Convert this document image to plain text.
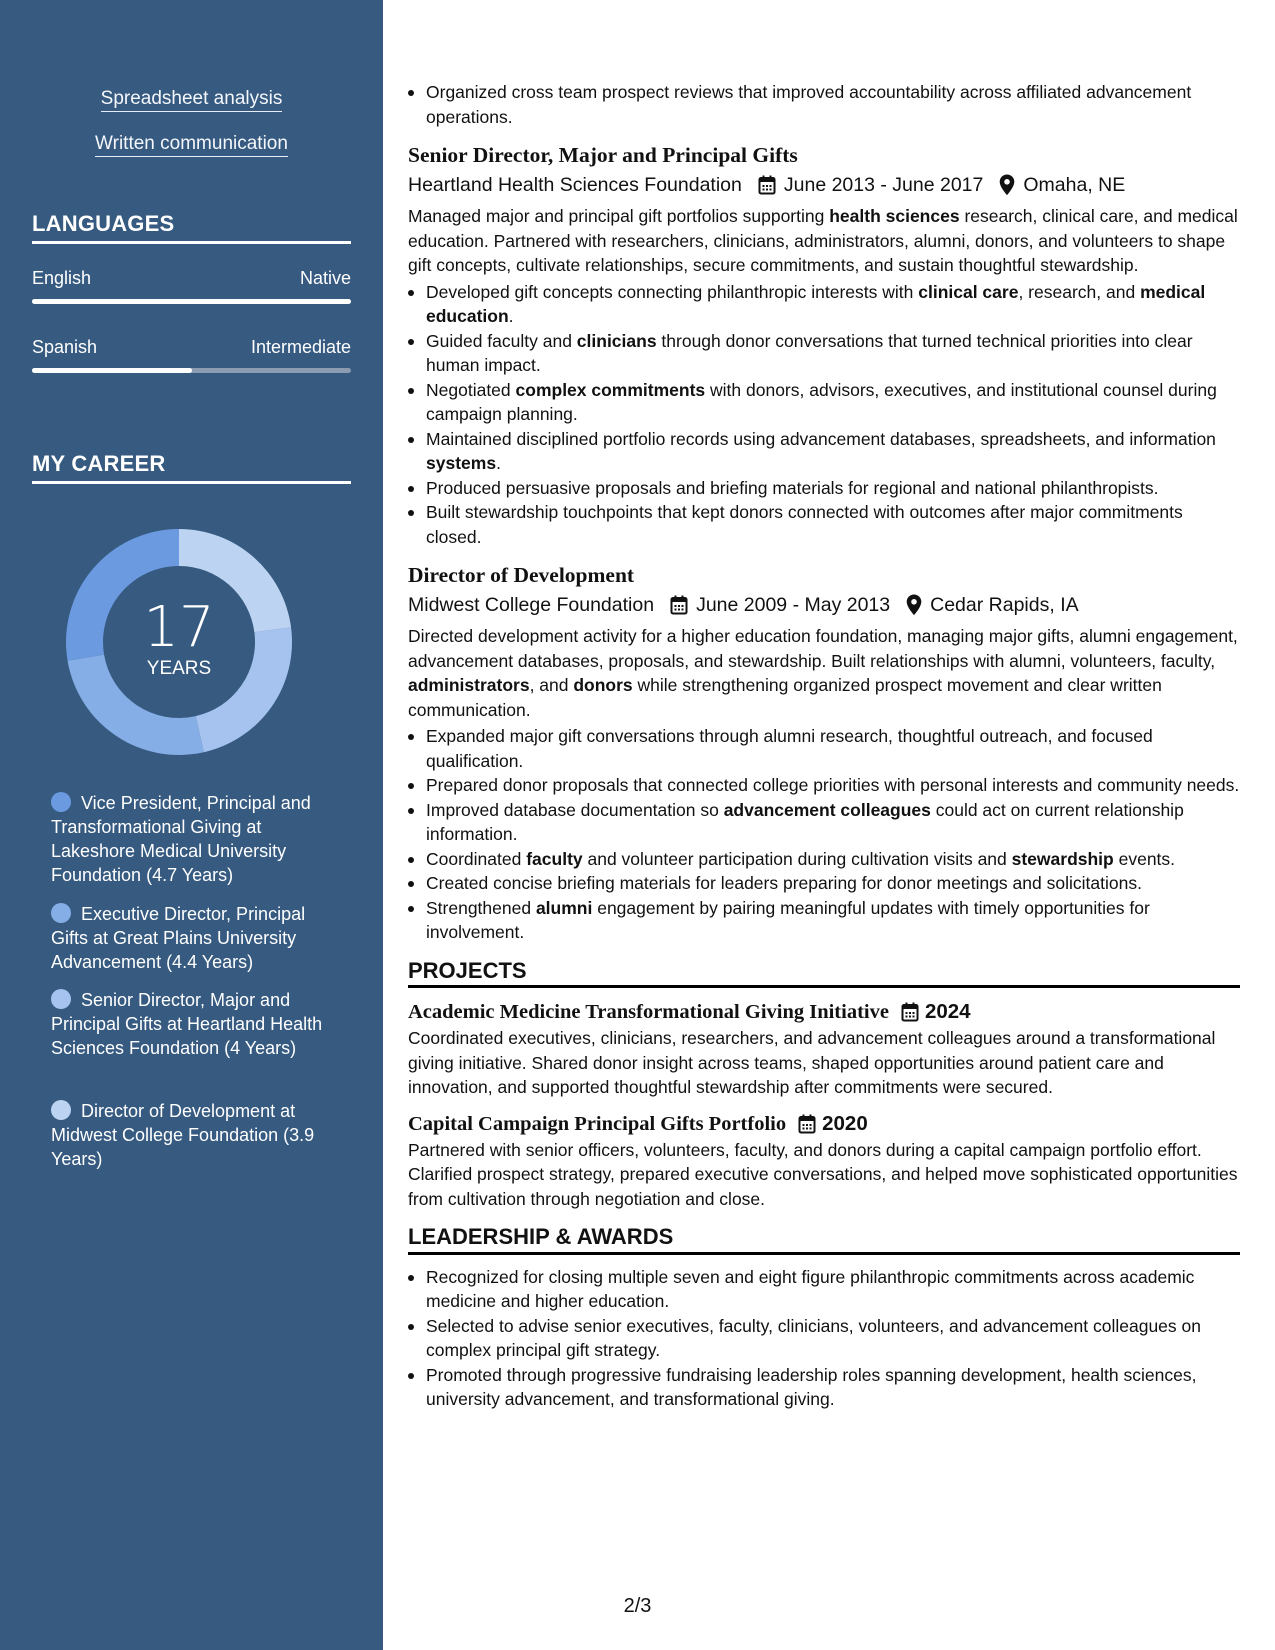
Spreadsheet analysis
Written communication
LANGUAGES
English	Native
Spanish	Intermediate
MY CAREER
17
YEARS
Vice President, Principal and Transformational Giving at Lakeshore Medical University Foundation (4.7 Years)
Executive Director, Principal Gifts at Great Plains University Advancement (4.4 Years)
Senior Director, Major and Principal Gifts at Heartland Health Sciences Foundation (4 Years)
Director of Development at Midwest College Foundation (3.9 Years)
Organized cross team prospect reviews that improved accountability across affiliated advancement operations.
Senior Director, Major and Principal Gifts
Heartland Health Sciences Foundation June 2013 - June 2017 Omaha, NE
Managed major and principal gift portfolios supporting health sciences research, clinical care, and medical education. Partnered with researchers, clinicians, administrators, alumni, donors, and volunteers to shape gift concepts, cultivate relationships, secure commitments, and sustain thoughtful stewardship.
Developed gift concepts connecting philanthropic interests with clinical care, research, and medical education.
Guided faculty and clinicians through donor conversations that turned technical priorities into clear human impact.
Negotiated complex commitments with donors, advisors, executives, and institutional counsel during campaign planning.
Maintained disciplined portfolio records using advancement databases, spreadsheets, and information systems.
Produced persuasive proposals and briefing materials for regional and national philanthropists.
Built stewardship touchpoints that kept donors connected with outcomes after major commitments closed.
Director of Development
Midwest College Foundation June 2009 - May 2013 Cedar Rapids, IA
Directed development activity for a higher education foundation, managing major gifts, alumni engagement, advancement databases, proposals, and stewardship. Built relationships with alumni, volunteers, faculty, administrators, and donors while strengthening organized prospect movement and clear written communication.
Expanded major gift conversations through alumni research, thoughtful outreach, and focused qualification.
Prepared donor proposals that connected college priorities with personal interests and community needs.
Improved database documentation so advancement colleagues could act on current relationship information.
Coordinated faculty and volunteer participation during cultivation visits and stewardship events.
Created concise briefing materials for leaders preparing for donor meetings and solicitations.
Strengthened alumni engagement by pairing meaningful updates with timely opportunities for involvement.
PROJECTS
Academic Medicine Transformational Giving Initiative 2024
Coordinated executives, clinicians, researchers, and advancement colleagues around a transformational giving initiative. Shared donor insight across teams, shaped opportunities around patient care and innovation, and supported thoughtful stewardship after commitments were secured.
Capital Campaign Principal Gifts Portfolio 2020
Partnered with senior officers, volunteers, faculty, and donors during a capital campaign portfolio effort. Clarified prospect strategy, prepared executive conversations, and helped move sophisticated opportunities from cultivation through negotiation and close.
LEADERSHIP & AWARDS
Recognized for closing multiple seven and eight figure philanthropic commitments across academic medicine and higher education.
Selected to advise senior executives, faculty, clinicians, volunteers, and advancement colleagues on complex principal gift strategy.
Promoted through progressive fundraising leadership roles spanning development, health sciences, university advancement, and transformational giving.
2/3
